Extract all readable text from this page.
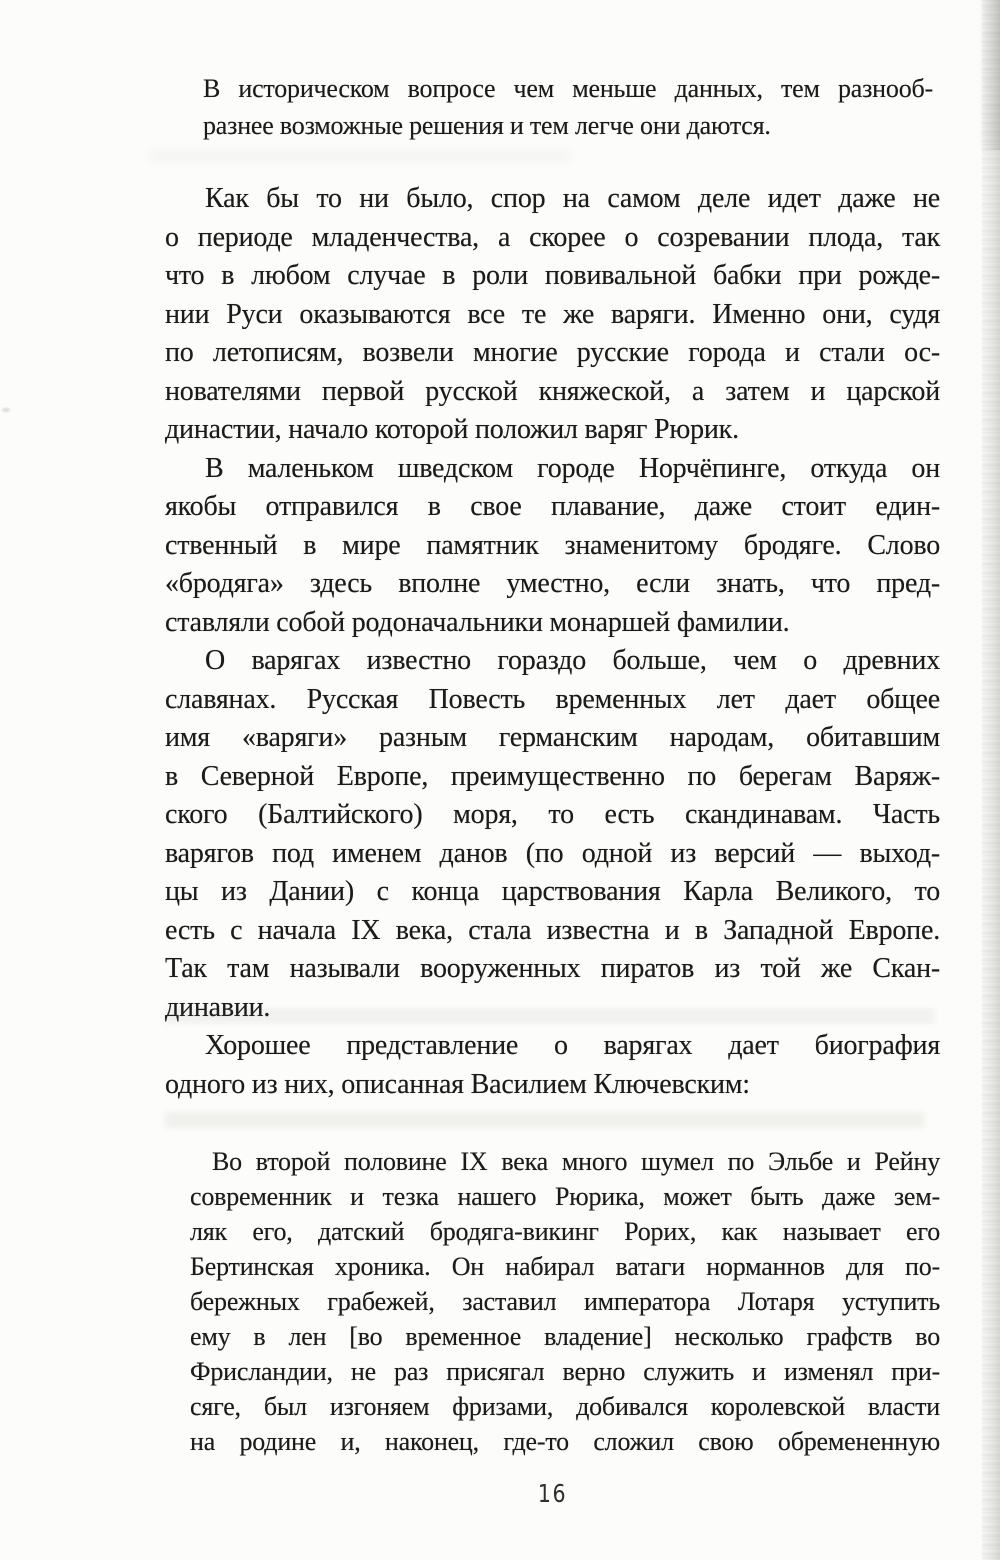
В историческом вопросе чем меньше данных, тем разнооб-
разнее возможные решения и тем легче они даются.
Как бы то ни было, спор на самом деле идет даже не
о периоде младенчества, а скорее о созревании плода, так
что в любом случае в роли повивальной бабки при рожде-
нии Руси оказываются все те же варяги. Именно они, судя
по летописям, возвели многие русские города и стали ос-
нователями первой русской княжеской, а затем и царской
династии, начало которой положил варяг Рюрик.
В маленьком шведском городе Норчёпинге, откуда он
якобы отправился в свое плавание, даже стоит един-
ственный в мире памятник знаменитому бродяге. Слово
«бродяга» здесь вполне уместно, если знать, что пред-
ставляли собой родоначальники монаршей фамилии.
О варягах известно гораздо больше, чем о древних
славянах. Русская Повесть временных лет дает общее
имя «варяги» разным германским народам, обитавшим
в Северной Европе, преимущественно по берегам Варяж-
ского (Балтийского) моря, то есть скандинавам. Часть
варягов под именем данов (по одной из версий — выход-
цы из Дании) с конца царствования Карла Великого, то
есть с начала IX века, стала известна и в Западной Европе.
Так там называли вооруженных пиратов из той же Скан-
динавии.
Хорошее представление о варягах дает биография
одного из них, описанная Василием Ключевским:
Во второй половине IX века много шумел по Эльбе и Рейну
современник и тезка нашего Рюрика, может быть даже зем-
ляк его, датский бродяга-викинг Рорих, как называет его
Бертинская хроника. Он набирал ватаги норманнов для по-
бережных грабежей, заставил императора Лотаря уступить
ему в лен [во временное владение] несколько графств во
Фрисландии, не раз присягал верно служить и изменял при-
сяге, был изгоняем фризами, добивался королевской власти
на родине и, наконец, где-то сложил свою обремененную
16
